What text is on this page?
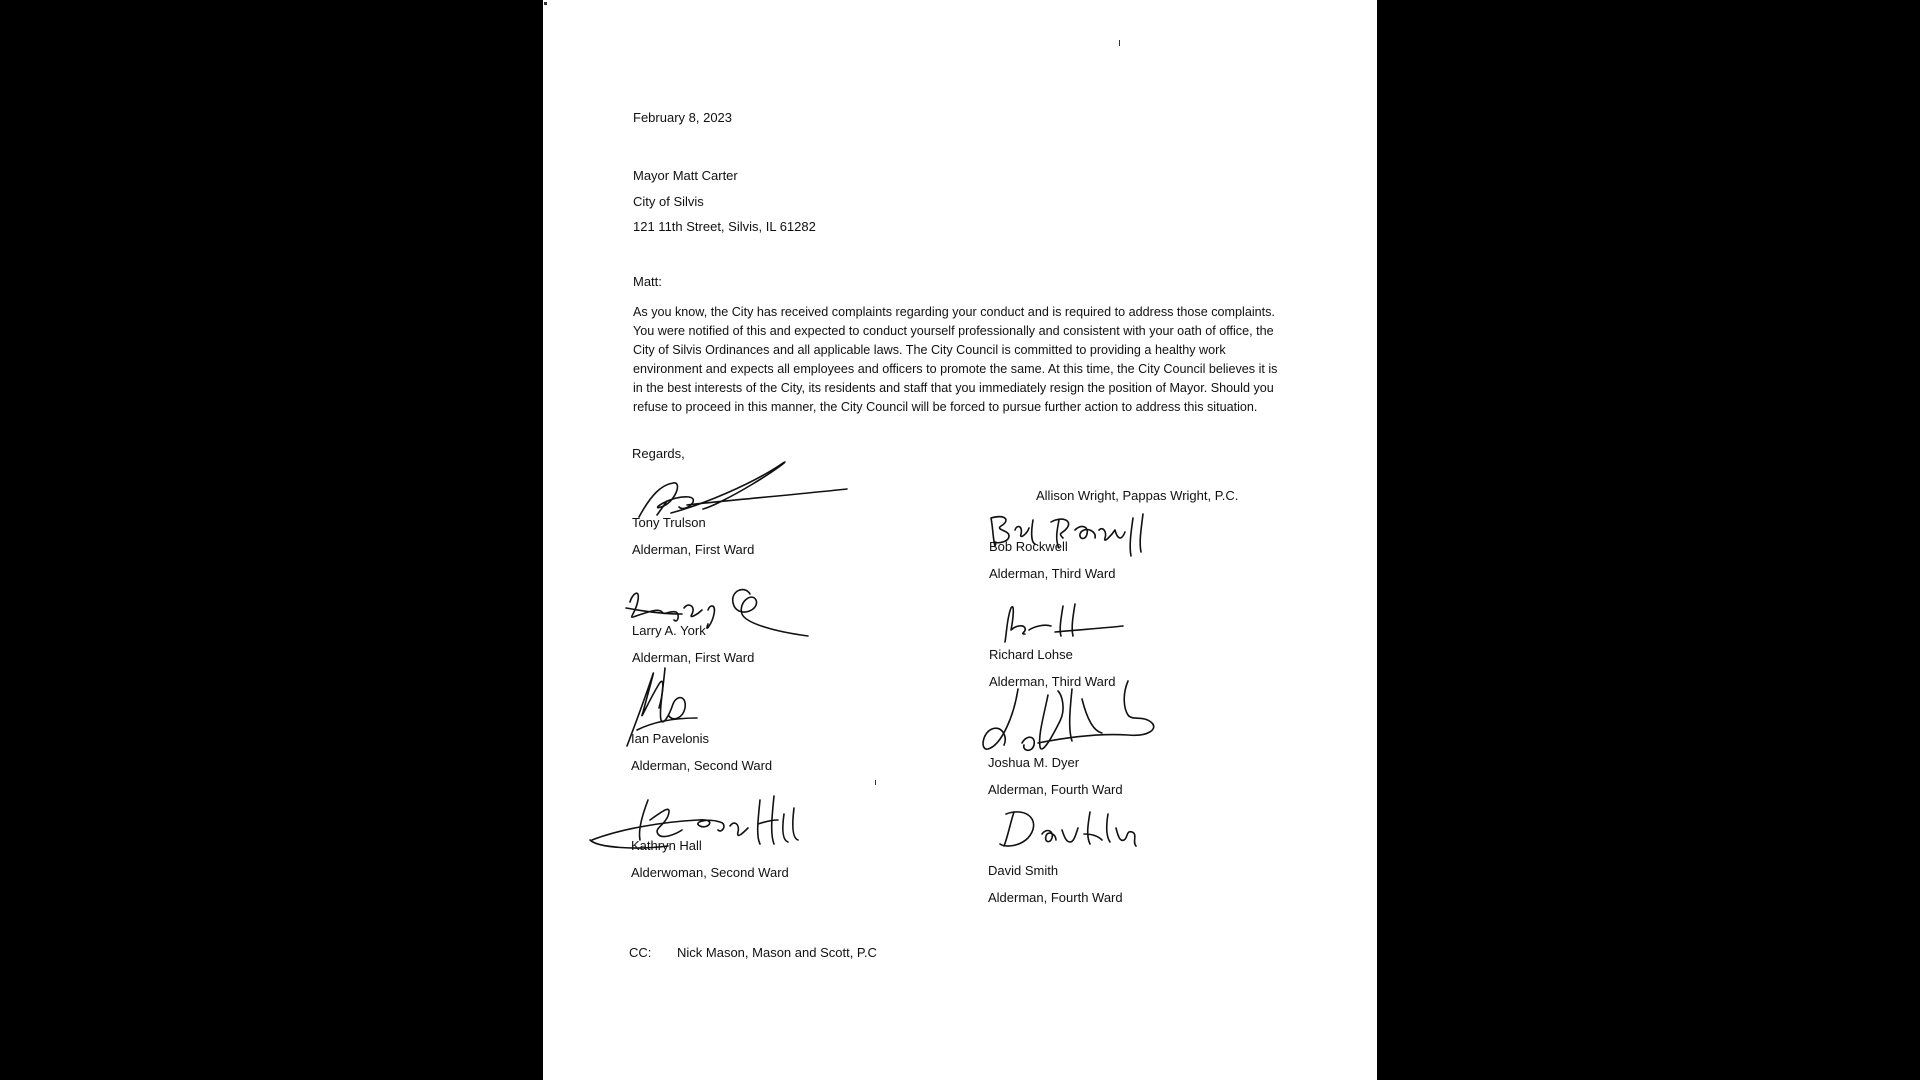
February 8, 2023
Mayor Matt Carter
City of Silvis
121 11th Street, Silvis, IL 61282
Matt:
As you know, the City has received complaints regarding your conduct and is required to address those complaints. You were notified of this and expected to conduct yourself professionally and consistent with your oath of office, the City of Silvis Ordinances and all applicable laws. The City Council is committed to providing a healthy work environment and expects all employees and officers to promote the same. At this time, the City Council believes it is in the best interests of the City, its residents and staff that you immediately resign the position of Mayor. Should you refuse to proceed in this manner, the City Council will be forced to pursue further action to address this situation.
Regards,
Allison Wright, Pappas Wright, P.C.
Tony Trulson
Alderman, First Ward
Larry A. York
Alderman, First Ward
Ian Pavelonis
Alderman, Second Ward
Kathryn Hall
Alderwoman, Second Ward
Bob Rockwell
Alderman, Third Ward
Richard Lohse
Alderman, Third Ward
Joshua M. Dyer
Alderman, Fourth Ward
David Smith
Alderman, Fourth Ward
CC: Nick Mason, Mason and Scott, P.C
